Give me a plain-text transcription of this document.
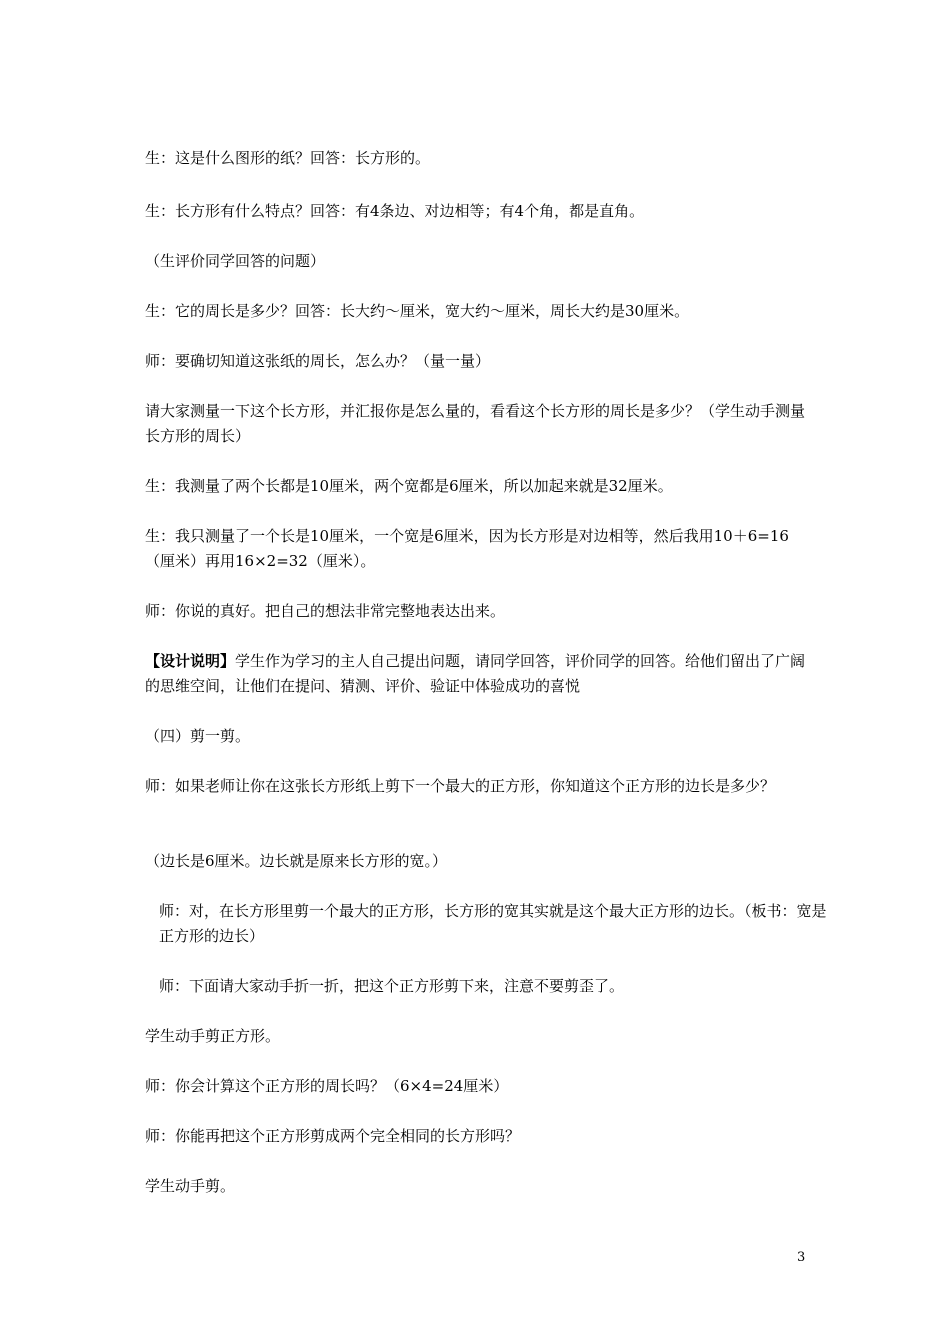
生：这是什么图形的纸？回答：长方形的。
生：长方形有什么特点？回答：有4条边、对边相等；有4个角，都是直角。
（生评价同学回答的问题）
生：它的周长是多少？回答：长大约～厘米，宽大约～厘米，周长大约是30厘米。
师：要确切知道这张纸的周长，怎么办？（量一量）
请大家测量一下这个长方形，并汇报你是怎么量的，看看这个长方形的周长是多少？（学生动手测量长方形的周长）
生：我测量了两个长都是10厘米，两个宽都是6厘米，所以加起来就是32厘米。
生：我只测量了一个长是10厘米，一个宽是6厘米，因为长方形是对边相等，然后我用10＋6=16（厘米）再用16×2=32（厘米）。
师：你说的真好。把自己的想法非常完整地表达出来。
【设计说明】学生作为学习的主人自己提出问题，请同学回答，评价同学的回答。给他们留出了广阔的思维空间，让他们在提问、猜测、评价、验证中体验成功的喜悦
（四）剪一剪。
师：如果老师让你在这张长方形纸上剪下一个最大的正方形，你知道这个正方形的边长是多少？
（边长是6厘米。边长就是原来长方形的宽。）
师：对，在长方形里剪一个最大的正方形，长方形的宽其实就是这个最大正方形的边长。（板书：宽是正方形的边长）
师：下面请大家动手折一折，把这个正方形剪下来，注意不要剪歪了。
学生动手剪正方形。
师：你会计算这个正方形的周长吗？（6×4=24厘米）
师：你能再把这个正方形剪成两个完全相同的长方形吗？
学生动手剪。
3
